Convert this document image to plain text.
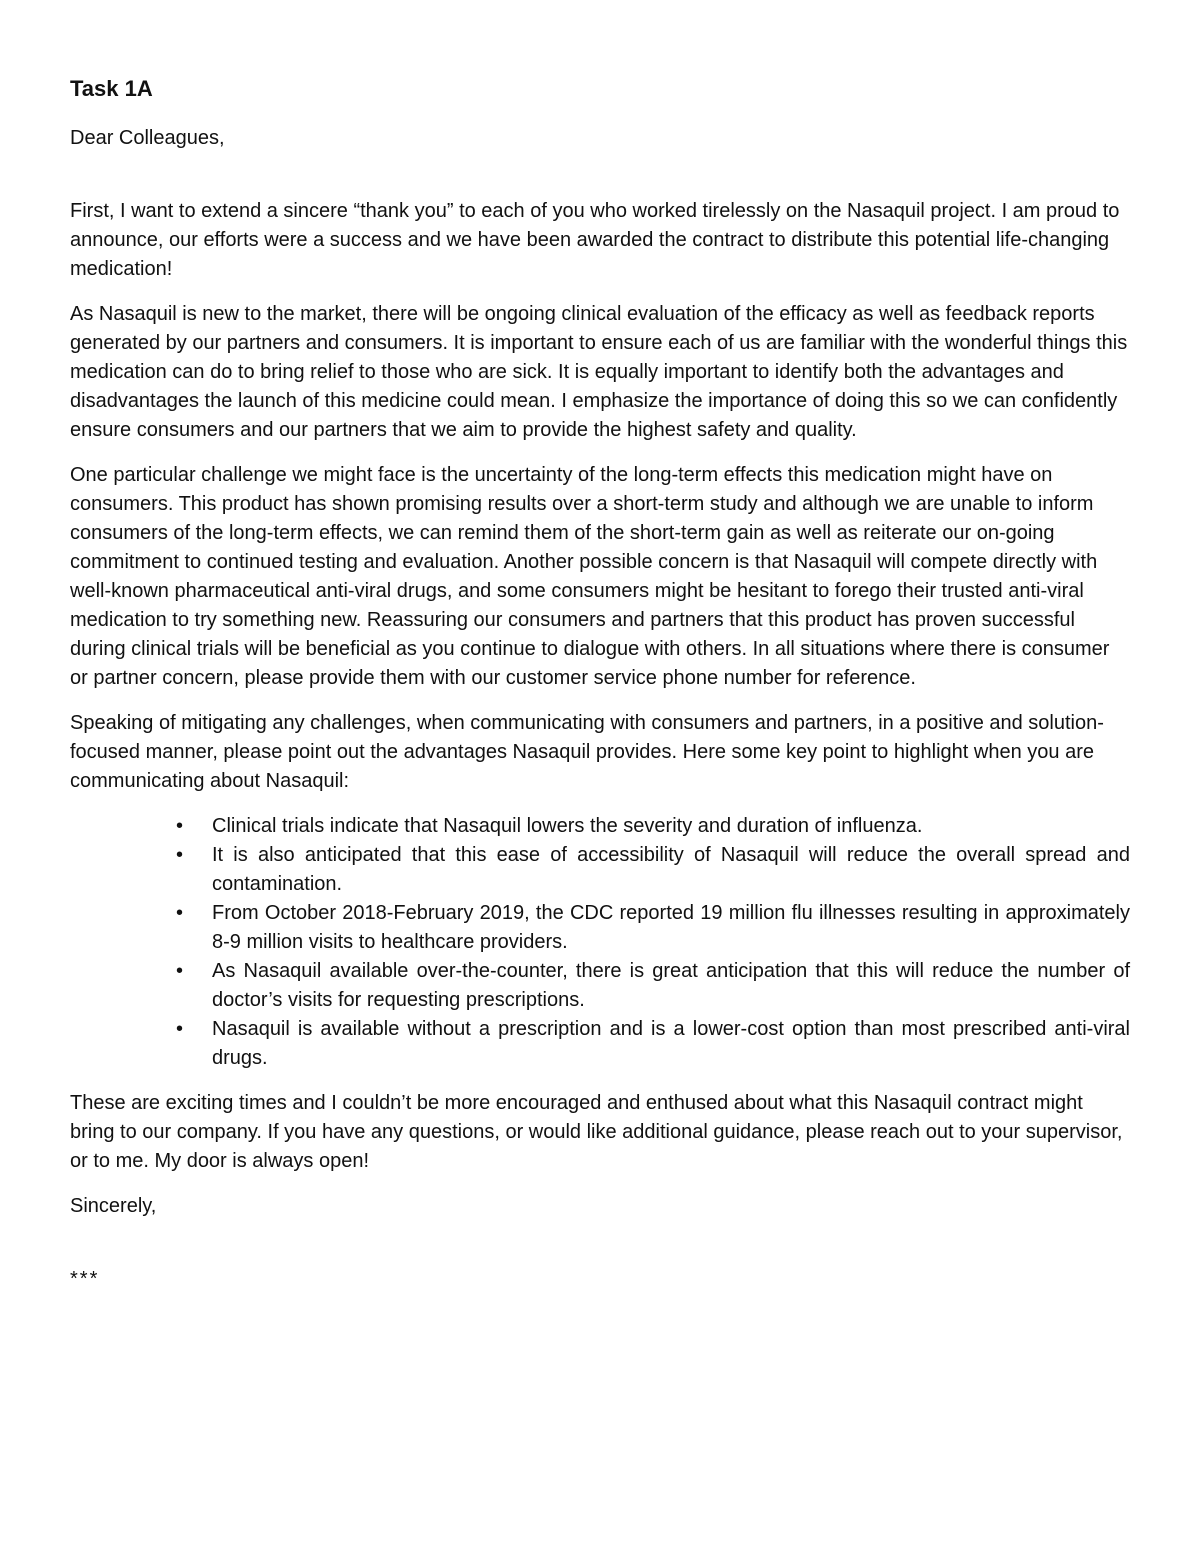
Task 1A
Dear Colleagues,

First, I want to extend a sincere “thank you” to each of you who worked tirelessly on the Nasaquil project. I am proud to announce, our efforts were a success and we have been awarded the contract to distribute this potential life-changing medication!

As Nasaquil is new to the market, there will be ongoing clinical evaluation of the efficacy as well as feedback reports generated by our partners and consumers. It is important to ensure each of us are familiar with the wonderful things this medication can do to bring relief to those who are sick. It is equally important to identify both the advantages and disadvantages the launch of this medicine could mean. I emphasize the importance of doing this so we can confidently ensure consumers and our partners that we aim to provide the highest safety and quality.

One particular challenge we might face is the uncertainty of the long-term effects this medication might have on consumers. This product has shown promising results over a short-term study and although we are unable to inform consumers of the long-term effects, we can remind them of the short-term gain as well as reiterate our on-going commitment to continued testing and evaluation. Another possible concern is that Nasaquil will compete directly with well-known pharmaceutical anti-viral drugs, and some consumers might be hesitant to forego their trusted anti-viral medication to try something new. Reassuring our consumers and partners that this product has proven successful during clinical trials will be beneficial as you continue to dialogue with others. In all situations where there is consumer or partner concern, please provide them with our customer service phone number for reference.

Speaking of mitigating any challenges, when communicating with consumers and partners, in a positive and solution-focused manner, please point out the advantages Nasaquil provides. Here some key point to highlight when you are communicating about Nasaquil:

• Clinical trials indicate that Nasaquil lowers the severity and duration of influenza.
• It is also anticipated that this ease of accessibility of Nasaquil will reduce the overall spread and contamination.
• From October 2018-February 2019, the CDC reported 19 million flu illnesses resulting in approximately 8-9 million visits to healthcare providers.
• As Nasaquil available over-the-counter, there is great anticipation that this will reduce the number of doctor’s visits for requesting prescriptions.
• Nasaquil is available without a prescription and is a lower-cost option than most prescribed anti-viral drugs.

These are exciting times and I couldn’t be more encouraged and enthused about what this Nasaquil contract might bring to our company. If you have any questions, or would like additional guidance, please reach out to your supervisor, or to me. My door is always open!

Sincerely,
***
